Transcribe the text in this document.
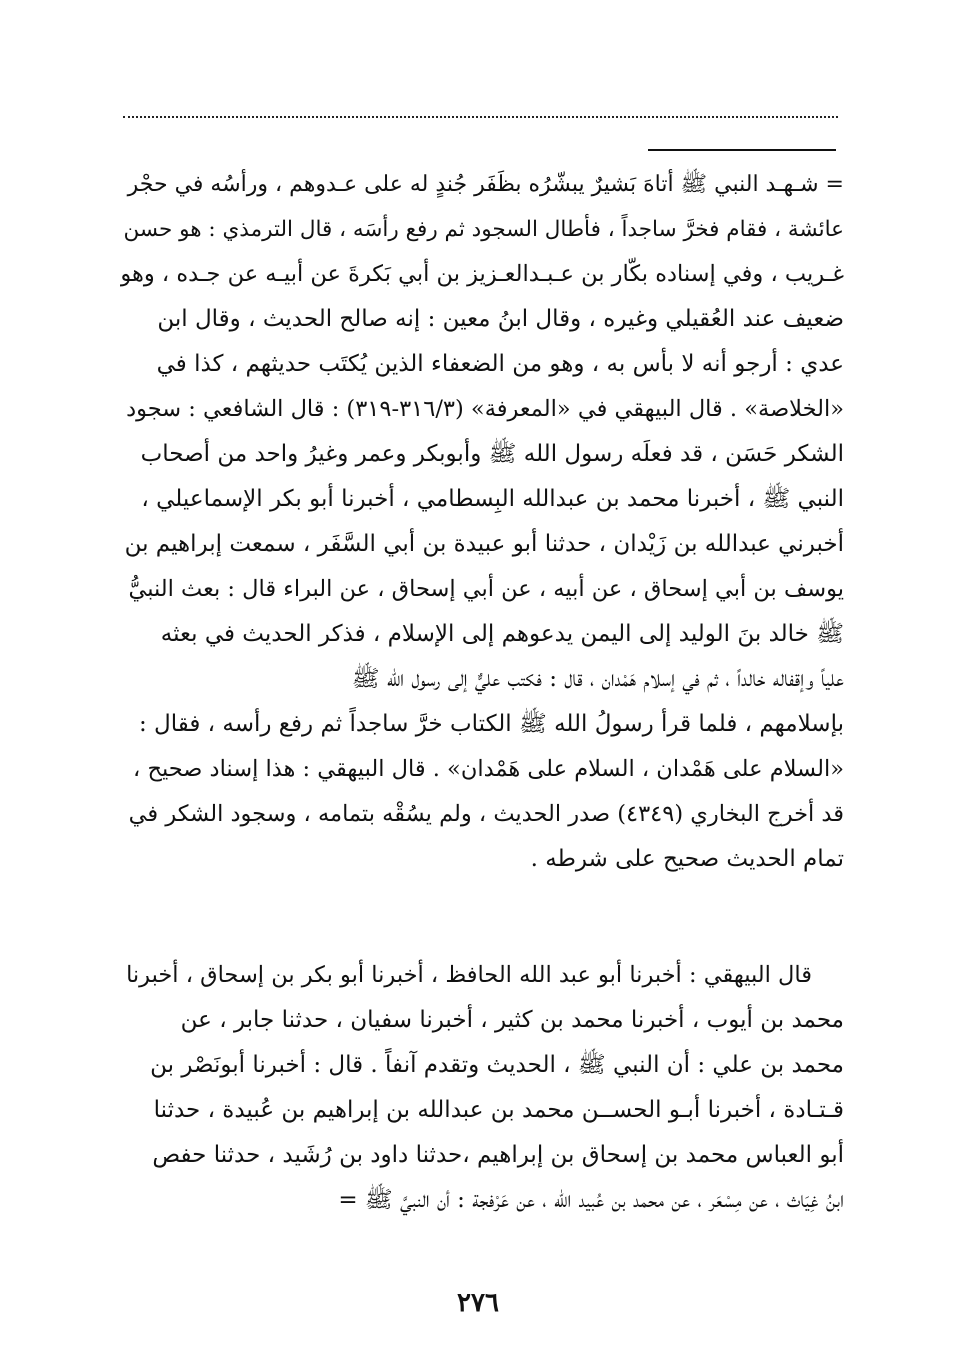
= شـهـد النبي ﷺ أتاهَ بَشيرٌ يبشّرُه بظَفَر جُندٍ له على عـدوهم ، ورأسُه في حجْر
عائشة ، فقام فخرَّ ساجداً ، فأطال السجود ثم رفع رأسَه ، قال الترمذي : هو حسن
غـريب ، وفي إسناده بكّار بن عـبـدالعـزيز بن أبي بَكرةَ عن أبيـه عن جـده ، وهو
ضعيف عند العُقيلي وغيره ، وقال ابنُ معين : إنه صالح الحديث ، وقال ابن
عدي : أرجو أنه لا بأس به ، وهو من الضعفاء الذين يُكتَب حديثهم ، كذا في
«الخلاصة» . قال البيهقي في «المعرفة» (٣١٦/٣-٣١٩) : قال الشافعي : سجود
الشكر حَسَن ، قد فعلَه رسول الله ﷺ وأبوبكر وعمر وغيرُ واحد من أصحاب
النبي ﷺ ، أخبرنا محمد بن عبدالله البِسطامي ، أخبرنا أبو بكر الإسماعيلي ،
أخبرني عبدالله بن زَيْدان ، حدثنا أبو عبيدة بن أبي السَّفَر ، سمعت إبراهيم بن
يوسف بن أبي إسحاق ، عن أبيه ، عن أبي إسحاق ، عن البراء قال : بعث النبيُّ
ﷺ خالد بنَ الوليد إلى اليمن يدعوهم إلى الإسلام ، فذكر الحديث في بعثه
علياً وإقفاله خالداً ، ثم في إسلام هَمْدان ، قال : فكتب عليٌّ إلى رسول الله ﷺ
بإسلامهم ، فلما قرأ رسولُ الله ﷺ الكتاب خرَّ ساجداً ثم رفع رأسه ، فقال :
«السلام على هَمْدان ، السلام على هَمْدان» . قال البيهقي : هذا إسناد صحيح ،
قد أخرج البخاري (٤٣٤٩) صدر الحديث ، ولم يسُقْه بتمامه ، وسجود الشكر في
تمام الحديث صحيح على شرطه .
قال البيهقي : أخبرنا أبو عبد الله الحافظ ، أخبرنا أبو بكر بن إسحاق ، أخبرنا
محمد بن أيوب ، أخبرنا محمد بن كثير ، أخبرنا سفيان ، حدثنا جابر ، عن
محمد بن علي : أن النبي ﷺ ، الحديث وتقدم آنفاً . قال : أخبرنا أبونَصْر بن
قـتـادة ، أخبرنا أبـو الحســن محمد بن عبدالله بن إبراهيم بن عُبيدة ، حدثنا
أبو العباس محمد بن إسحاق بن إبراهيم ،حدثنا داود بن رُشَيد ، حدثنا حفص
ابنُ غِيَاث ، عن مِسْعَر ، عن محمد بن عُبيد الله ، عن عَرْفجة : أن النبيَّ ﷺ =
٢٧٦
